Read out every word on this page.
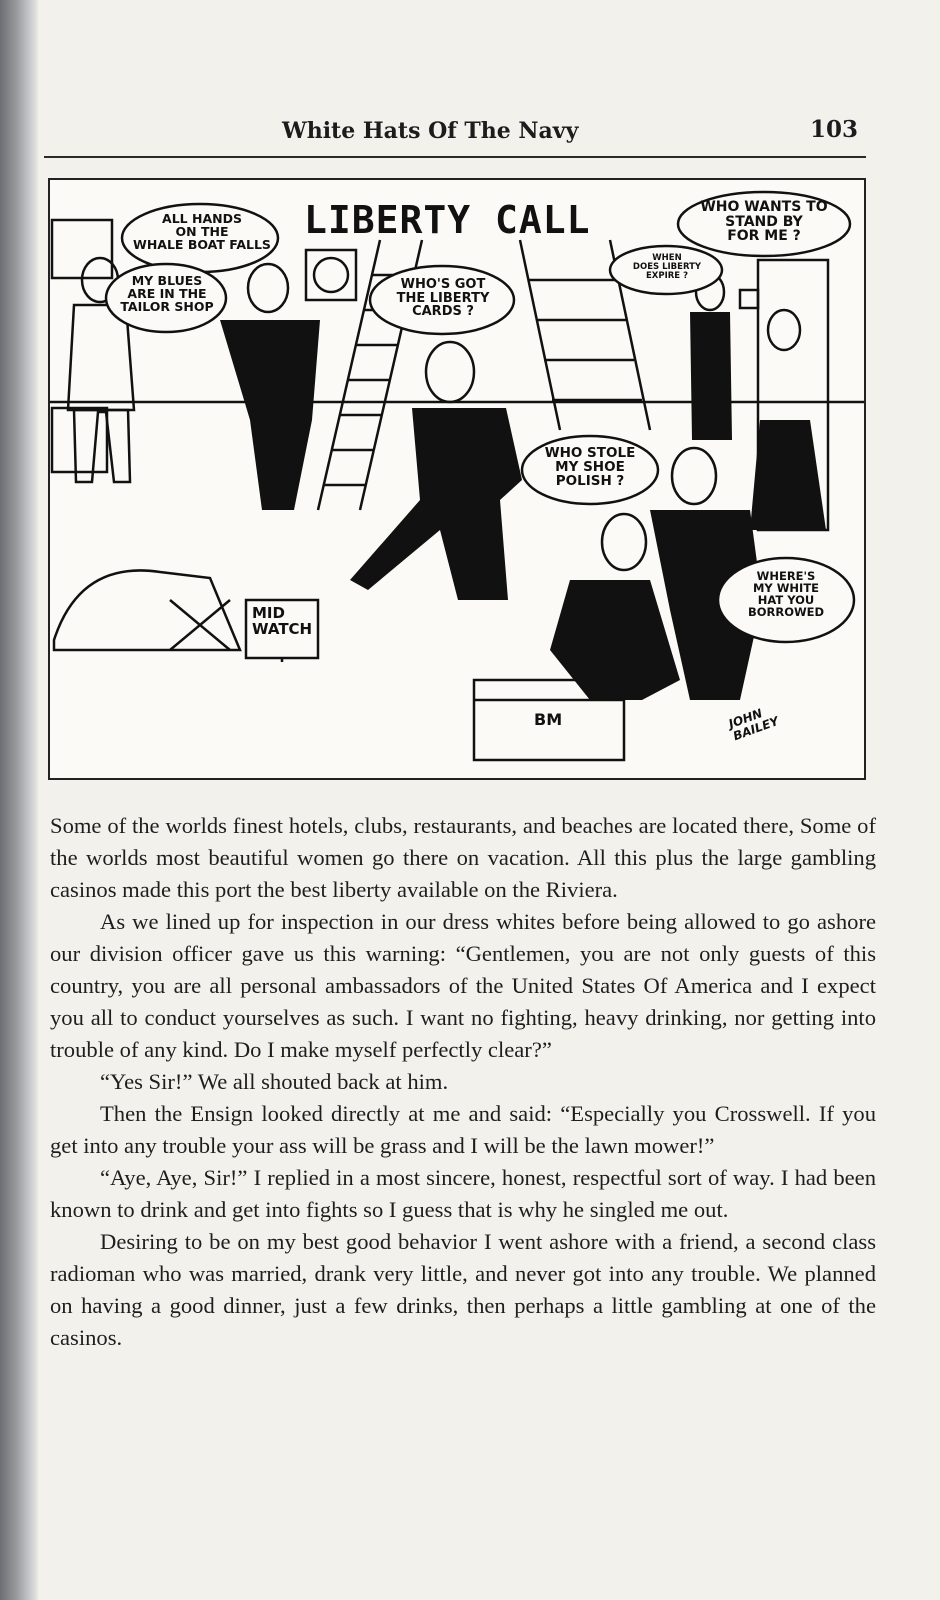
White Hats Of The Navy	103
LIBERTY CALL
ALL HANDS
ON THE
WHALE BOAT FALLS
MY BLUES
ARE IN THE
TAILOR SHOP
WHO'S GOT
THE LIBERTY
CARDS ?
WHO WANTS TO
STAND BY
FOR ME ?
WHEN
DOES LIBERTY
EXPIRE ?
WHO STOLE
MY SHOE
POLISH ?
WHERE'S
MY WHITE
HAT YOU
BORROWED
MID
WATCH
BM	JOHN
BAILEY

Some of the worlds finest hotels, clubs, restaurants, and beaches are located there, Some of the worlds most beautiful women go there on vacation. All this plus the large gambling casinos made this port the best liberty available on the Riviera.

As we lined up for inspection in our dress whites before being allowed to go ashore our division officer gave us this warning: “Gentlemen, you are not only guests of this country, you are all personal ambassadors of the United States Of America and I expect you all to conduct yourselves as such. I want no fighting, heavy drinking, nor getting into trouble of any kind. Do I make myself perfectly clear?”

“Yes Sir!” We all shouted back at him.

Then the Ensign looked directly at me and said: “Especially you Crosswell. If you get into any trouble your ass will be grass and I will be the lawn mower!”

“Aye, Aye, Sir!” I replied in a most sincere, honest, respectful sort of way. I had been known to drink and get into fights so I guess that is why he singled me out.

Desiring to be on my best good behavior I went ashore with a friend, a second class radioman who was married, drank very little, and never got into any trouble. We planned on having a good dinner, just a few drinks, then perhaps a little gambling at one of the casinos.
